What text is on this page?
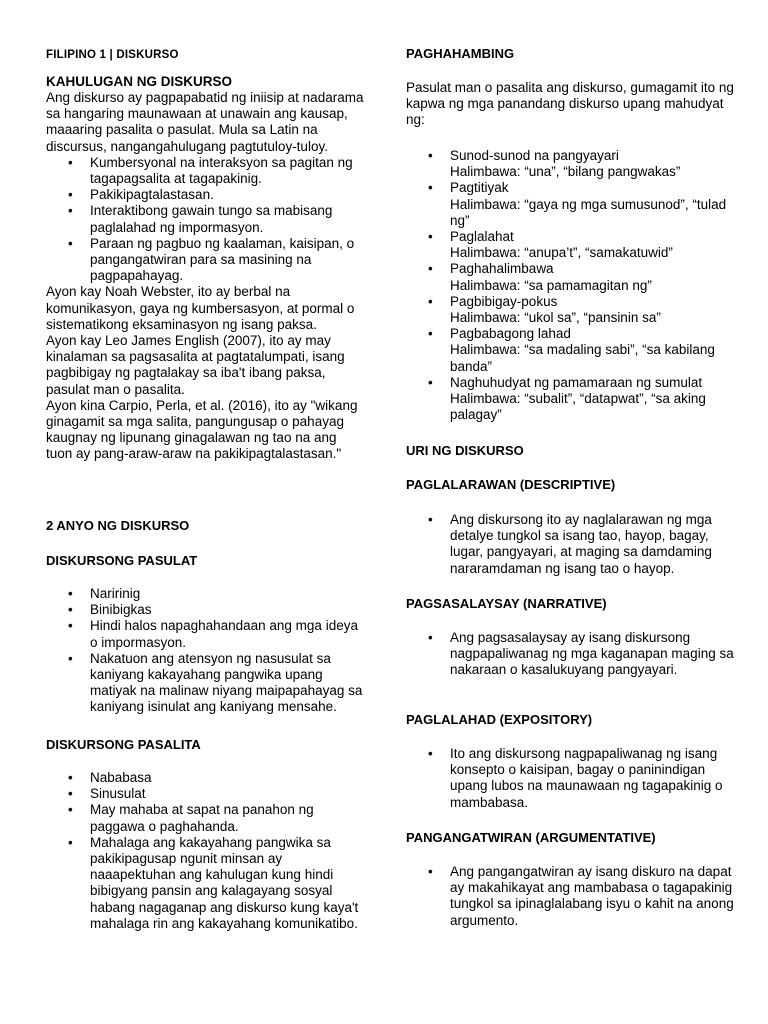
FILIPINO 1 | DISKURSO
KAHULUGAN NG DISKURSO

Ang diskurso ay pagpapabatid ng iniisip at nadarama sa hangaring maunawaan at unawain ang kausap, maaaring pasalita o pasulat. Mula sa Latin na discursus, nangangahulugang pagtutuloy-tuloy.

• Kumbersyonal na interaksyon sa pagitan ng tagapagsalita at tagapakinig.
• Pakikipagtalastasan.
• Interaktibong gawain tungo sa mabisang paglalahad ng impormasyon.
• Paraan ng pagbuo ng kaalaman, kaisipan, o pangangatwiran para sa masining na pagpapahayag.

Ayon kay Noah Webster, ito ay berbal na komunikasyon, gaya ng kumbersasyon, at pormal o sistematikong eksaminasyon ng isang paksa.

Ayon kay Leo James English (2007), ito ay may kinalaman sa pagsasalita at pagtatalumpati, isang pagbibigay ng pagtalakay sa iba't ibang paksa, pasulat man o pasalita.

Ayon kina Carpio, Perla, et al. (2016), ito ay "wikang ginagamit sa mga salita, pangungusap o pahayag kaugnay ng lipunang ginagalawan ng tao na ang tuon ay pang-araw-araw na pakikipagtalastasan."

2 ANYO NG DISKURSO
DISKURSONG PASULAT
• Naririnig
• Binibigkas
• Hindi halos napaghahandaan ang mga ideya o impormasyon.
• Nakatuon ang atensyon ng nasusulat sa kaniyang kakayahang pangwika upang matiyak na malinaw niyang maipapahayag sa kaniyang isinulat ang kaniyang mensahe.
DISKURSONG PASALITA
• Nababasa
• Sinusulat
• May mahaba at sapat na panahon ng paggawa o paghahanda.
• Mahalaga ang kakayahang pangwika sa pakikipagusap ngunit minsan ay naaapektuhan ang kahulugan kung hindi bibigyang pansin ang kalagayang sosyal habang nagaganap ang diskurso kung kaya't mahalaga rin ang kakayahang komunikatibo.
PAGHAHAMBING

Pasulat man o pasalita ang diskurso, gumagamit ito ng kapwa ng mga panandang diskurso upang mahudyat ng:

• Sunod-sunod na pangyayari
Halimbawa: “una”, “bilang pangwakas”
• Pagtitiyak
Halimbawa: “gaya ng mga sumusunod”, “tulad ng”
• Paglalahat
Halimbawa: “anupa’t”, “samakatuwid”
• Paghahalimbawa
Halimbawa: “sa pamamagitan ng”
• Pagbibigay-pokus
Halimbawa: “ukol sa”, “pansinin sa”
• Pagbabagong lahad
Halimbawa: “sa madaling sabi”, “sa kabilang banda”
• Naghuhudyat ng pamamaraan ng sumulat
Halimbawa: “subalit”, “datapwat”, “sa aking palagay”
URI NG DISKURSO
PAGLALARAWAN (DESCRIPTIVE)
• Ang diskursong ito ay naglalarawan ng mga detalye tungkol sa isang tao, hayop, bagay, lugar, pangyayari, at maging sa damdaming nararamdaman ng isang tao o hayop.
PAGSASALAYSAY (NARRATIVE)
• Ang pagsasalaysay ay isang diskursong nagpapaliwanag ng mga kaganapan maging sa nakaraan o kasalukuyang pangyayari.
PAGLALAHAD (EXPOSITORY)
• Ito ang diskursong nagpapaliwanag ng isang konsepto o kaisipan, bagay o paninindigan upang lubos na maunawaan ng tagapakinig o mambabasa.
PANGANGATWIRAN (ARGUMENTATIVE)
• Ang pangangatwiran ay isang diskuro na dapat ay makahikayat ang mambabasa o tagapakinig tungkol sa ipinaglalabang isyu o kahit na anong argumento.
